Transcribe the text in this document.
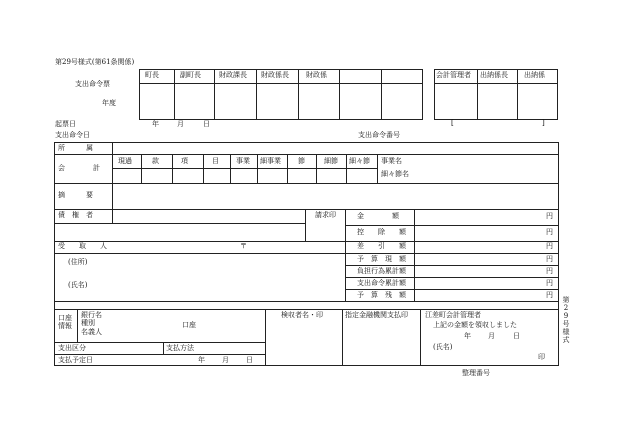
第29号様式(第61条関係)
支出命令票
年度
町長	副町長	財政課長 財政係長 財政係	会計管理者 出納係長 出納係
起票日	年	月	日	[	]
支出命令日	支出命令番号
所　　　属
会　　　　計
現過	款	項	目 事業 細事業 節	細節 細々節 事業名
細々節名
摘　　　要
債　権　者	請求印
受　　取　　人	〒
(住所)
(氏名)
金　　　　額	円
控　　除　　額	円
差　　引　　額	円
予　算　現　額	円
負担行為累計額	円
支出命令累計額	円
予　算　残　額	円
第29号様式
口座情報
銀行名
種別
名義人
口座
検収者名・印	指定金融機関支払印 江差町会計管理者
上記の金額を領収しました
年 月	日
(氏名)
印
支出区分	支払方法
支払予定日	年 月 日
整理番号
